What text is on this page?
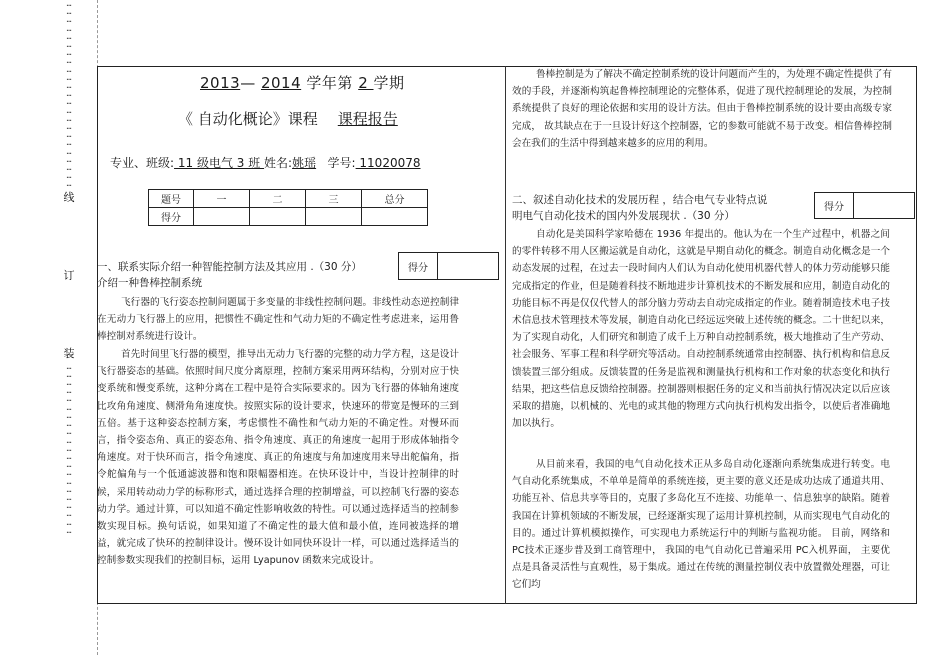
…
…
…
…
…
…
…
…
…
…
…
…
…
…
…
…
…
…
…
…
…
…
…
线
订
装
…
…
…
…
…
…
…
…
…
…
…
…
…
…
…
…
…
…
…
…
…
2013— 2014 学年第 2 学期
《 自动化概论》课程 课程报告
专业、班级: 11 级电气 3 班 姓名:姚瑶   学号: 11020078
题号	一	二	三	总分
得分				
一、联系实际介绍一种智能控制方法及其应用 .（30 分）
介绍一种鲁棒控制系统
得分
飞行器的飞行姿态控制问题属于多变量的非线性控制问题。非线性动态逆控制律在无动力飞行器上的应用，把惯性不确定性和气动力矩的不确定性考虑进来，运用鲁棒控制对系统进行设计。
首先时间里飞行器的模型，推导出无动力飞行器的完整的动力学方程，这是设计飞行器姿态的基础。依照时间尺度分离原理，控制方案采用两环结构，分别对应于快变系统和慢变系统，这种分离在工程中是符合实际要求的。因为飞行器的体轴角速度比攻角角速度、侧滑角角速度快。按照实际的设计要求，快速环的带宽是慢环的三到五倍。基于这种姿态控制方案，考虑惯性不确性和气动力矩的不确定性。对慢环而言，指令姿态角、真正的姿态角、指令角速度、真正的角速度一起用于形成体轴指令角速度。对于快环而言，指令角速度、真正的角速度与角加速度用来导出舵偏角，指令舵偏角与一个低通滤波器和饱和限幅器相连。在快环设计中，当设计控制律的时候，采用转动动力学的标称形式，通过选择合理的控制增益，可以控制飞行器的姿态动力学。通过计算，可以知道不确定性影响收敛的特性。可以通过选择适当的控制参数实现目标。换句话说，如果知道了不确定性的最大值和最小值，连同被选择的增益，就完成了快环的控制律设计。慢环设计如同快环设计一样，可以通过选择适当的控制参数实现我们的控制目标，运用 Lyapunov 函数来完成设计。
鲁棒控制是为了解决不确定控制系统的设计问题而产生的，为处理不确定性提供了有效的手段，并逐渐构筑起鲁棒控制理论的完整体系，促进了现代控制理论的发展，为控制系统提供了良好的理论依据和实用的设计方法。但由于鲁棒控制系统的设计要由高级专家完成， 故其缺点在于一旦设计好这个控制器，它的参数可能就不易于改变。相信鲁棒控制会在我们的生活中得到越来越多的应用的利用。
二、叙述自动化技术的发展历程 ，结合电气专业特点说
明电气自动化技术的国内外发展现状 .（30 分）
得分
自动化是美国科学家哈德在 1936 年提出的。他认为在一个生产过程中，机器之间的零件转移不用人区搬运就是自动化，这就是早期自动化的概念。制造自动化概念是一个动态发展的过程，在过去一段时间内人们认为自动化使用机器代替人的体力劳动能够只能完成指定的作业，但是随着科技不断地进步计算机技术的不断发展和应用，制造自动化的功能目标不再是仅仅代替人的部分脑力劳动去自动完成指定的作业。随着制造技术电子技术信息技术管理技术等发展，制造自动化已经远远突破上述传统的概念。二十世纪以来，为了实现自动化，人们研究和制造了成千上万种自动控制系统，极大地推动了生产劳动、社会服务、军事工程和科学研究等活动。自动控制系统通常由控制器、执行机构和信息反馈装置三部分组成。反馈装置的任务是监视和测量执行机构和工作对象的状态变化和执行结果，把这些信息反馈给控制器。控制器则根据任务的定义和当前执行情况决定以后应该采取的措施，以机械的、光电的或其他的物理方式向执行机构发出指令，以使后者准确地加以执行。
从目前来看，我国的电气自动化技术正从多岛自动化逐渐向系统集成进行转变。电气自动化系统集成，不单单是简单的系统连接，更主要的意义还是成功达成了通道共用、功能互补、信息共享等目的，克服了多岛化互不连接、功能单一、信息独享的缺陷。随着我国在计算机领域的不断发展，已经逐渐实现了运用计算机控制，从而实现电气自动化的目的。通过计算机模拟操作，可实现电力系统运行中的判断与监视功能。 目前，网络和 PC技术正逐步普及到工商管理中， 我国的电气自动化已普遍采用 PC入机界面， 主要优点是具备灵活性与直观性，易于集成。通过在传统的测量控制仪表中放置微处理器，可让它们均
